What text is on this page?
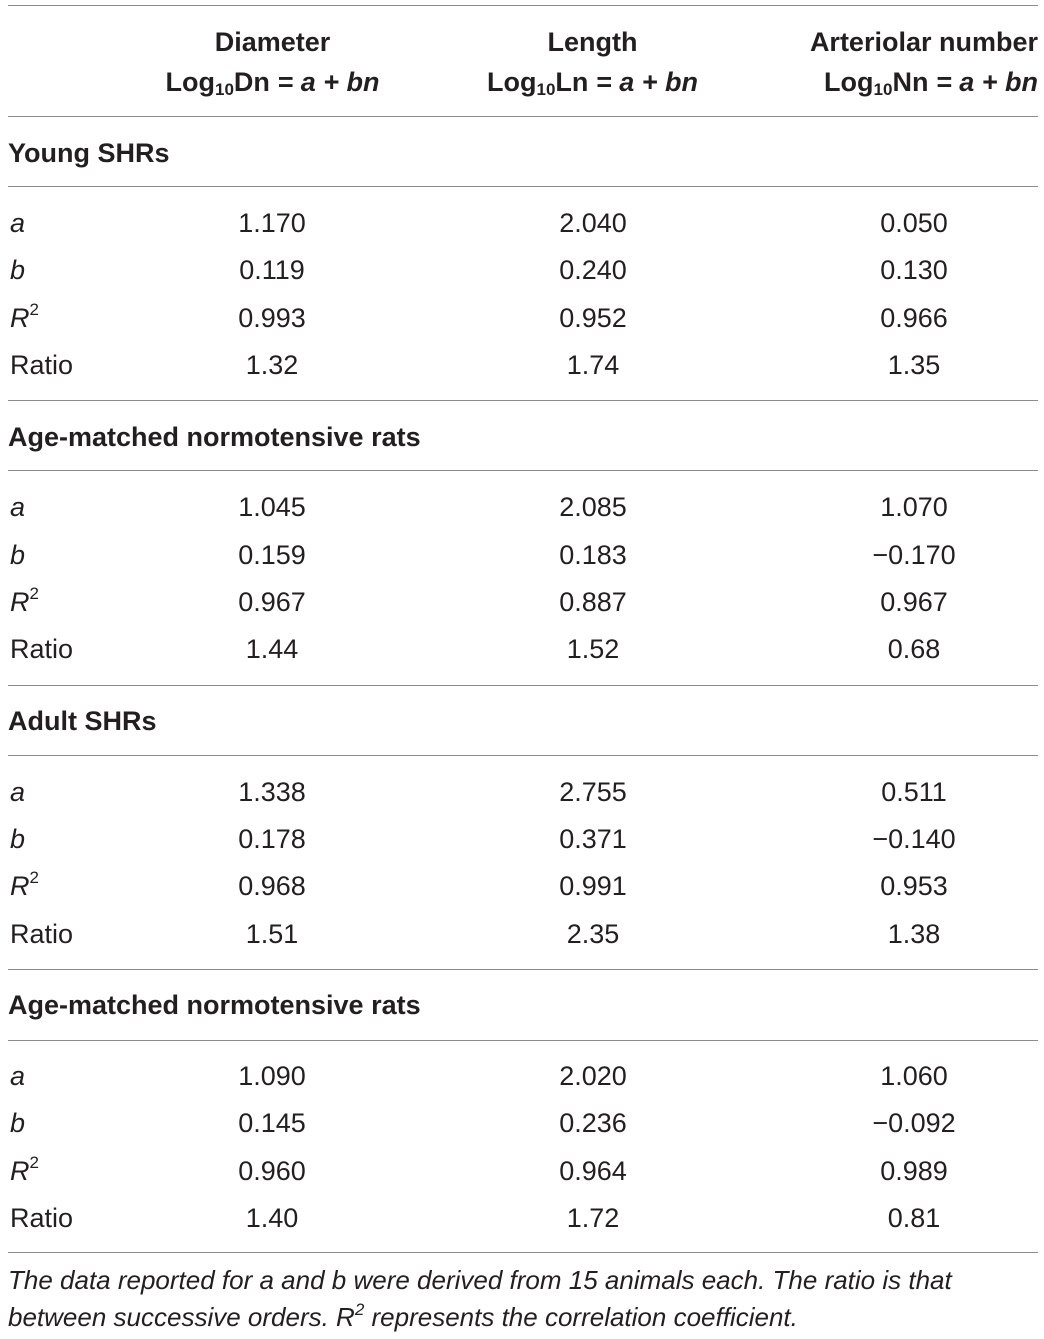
Diameter
Log$_{10}$Dn = a + bn
Length
Log$_{10}$Ln = a + bn
Arteriolar number
Log$_{10}$Nn = a + bn
Young SHRs
a	1.170	2.040	0.050
b	0.119	0.240	0.130
$R^2$	0.993	0.952	0.966
Ratio	1.32	1.74	1.35
Age-matched normotensive rats
a	1.045	2.085	1.070
b	0.159	0.183	−0.170
$R^2$	0.967	0.887	0.967
Ratio	1.44	1.52	0.68
Adult SHRs
a	1.338	2.755	0.511
b	0.178	0.371	−0.140
$R^2$	0.968	0.991	0.953
Ratio	1.51	2.35	1.38
Age-matched normotensive rats
a	1.090	2.020	1.060
b	0.145	0.236	−0.092
$R^2$	0.960	0.964	0.989
Ratio	1.40	1.72	0.81
The data reported for a and b were derived from 15 animals each. The ratio is that between successive orders. $R^2$ represents the correlation coefficient.
